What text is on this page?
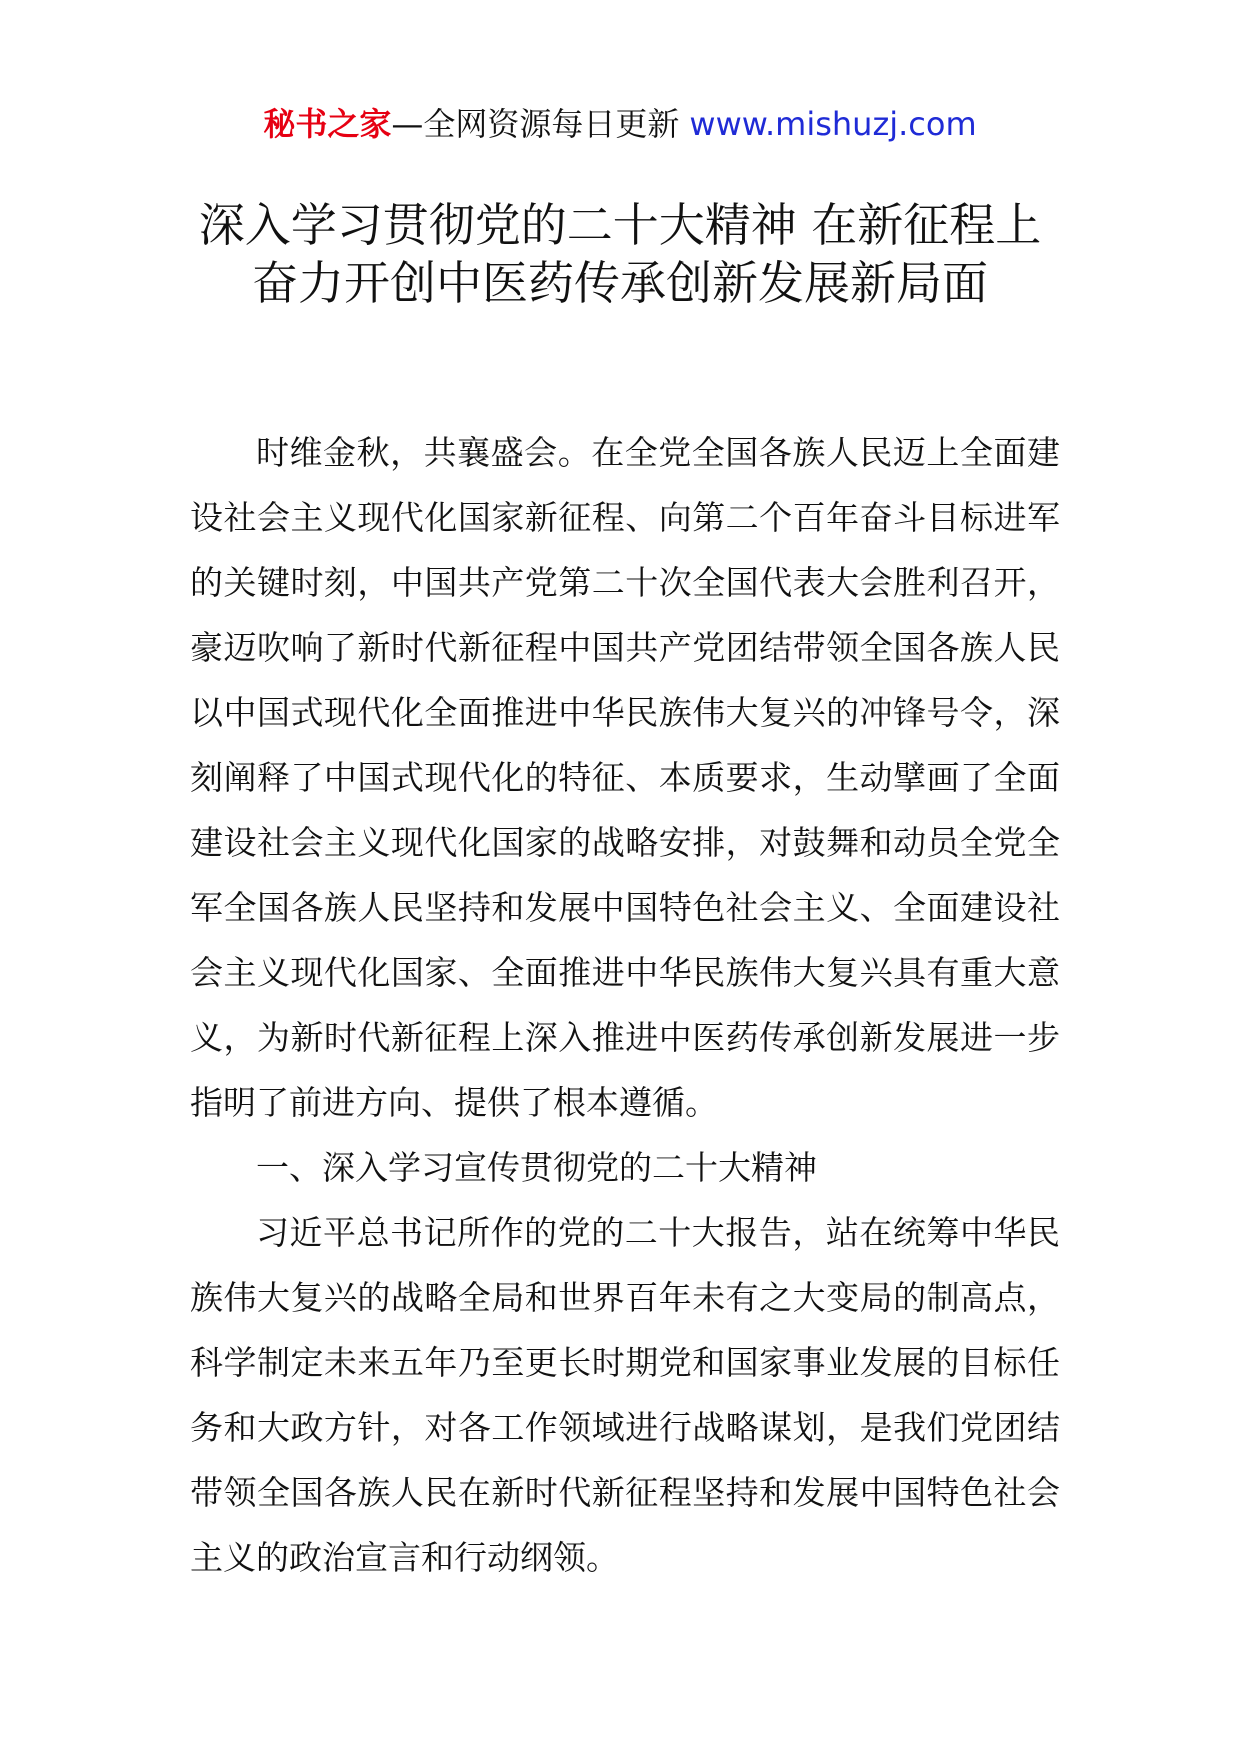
秘书之家—全网资源每日更新 www.mishuzj.com
深入学习贯彻党的二十大精神 在新征程上
奋力开创中医药传承创新发展新局面

时维金秋，共襄盛会。在全党全国各族人民迈上全面建设社会主义现代化国家新征程、向第二个百年奋斗目标进军的关键时刻，中国共产党第二十次全国代表大会胜利召开，豪迈吹响了新时代新征程中国共产党团结带领全国各族人民以中国式现代化全面推进中华民族伟大复兴的冲锋号令，深刻阐释了中国式现代化的特征、本质要求，生动擘画了全面建设社会主义现代化国家的战略安排，对鼓舞和动员全党全军全国各族人民坚持和发展中国特色社会主义、全面建设社会主义现代化国家、全面推进中华民族伟大复兴具有重大意义，为新时代新征程上深入推进中医药传承创新发展进一步指明了前进方向、提供了根本遵循。

一、深入学习宣传贯彻党的二十大精神

习近平总书记所作的党的二十大报告，站在统筹中华民族伟大复兴的战略全局和世界百年未有之大变局的制高点，科学制定未来五年乃至更长时期党和国家事业发展的目标任务和大政方针，对各工作领域进行战略谋划，是我们党团结带领全国各族人民在新时代新征程坚持和发展中国特色社会主义的政治宣言和行动纲领。
